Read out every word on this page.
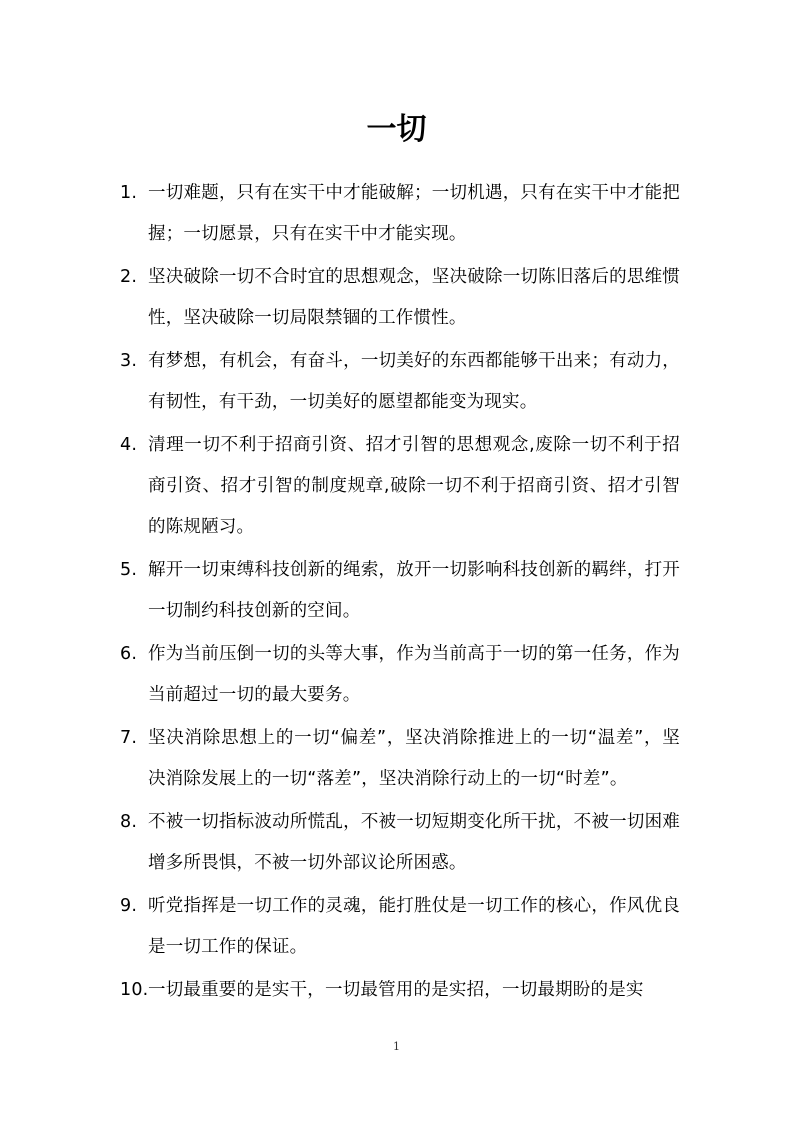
一切
1. 一切难题，只有在实干中才能破解；一切机遇，只有在实干中才能把握；一切愿景，只有在实干中才能实现。
2. 坚决破除一切不合时宜的思想观念，坚决破除一切陈旧落后的思维惯性，坚决破除一切局限禁锢的工作惯性。
3. 有梦想，有机会，有奋斗，一切美好的东西都能够干出来；有动力，有韧性，有干劲，一切美好的愿望都能变为现实。
4. 清理一切不利于招商引资、招才引智的思想观念,废除一切不利于招商引资、招才引智的制度规章,破除一切不利于招商引资、招才引智的陈规陋习。
5. 解开一切束缚科技创新的绳索，放开一切影响科技创新的羁绊，打开一切制约科技创新的空间。
6. 作为当前压倒一切的头等大事，作为当前高于一切的第一任务，作为当前超过一切的最大要务。
7. 坚决消除思想上的一切“偏差”，坚决消除推进上的一切“温差”，坚决消除发展上的一切“落差”，坚决消除行动上的一切“时差”。
8. 不被一切指标波动所慌乱，不被一切短期变化所干扰，不被一切困难增多所畏惧，不被一切外部议论所困惑。
9. 听党指挥是一切工作的灵魂，能打胜仗是一切工作的核心，作风优良是一切工作的保证。
10. 一切最重要的是实干，一切最管用的是实招，一切最期盼的是实
1
